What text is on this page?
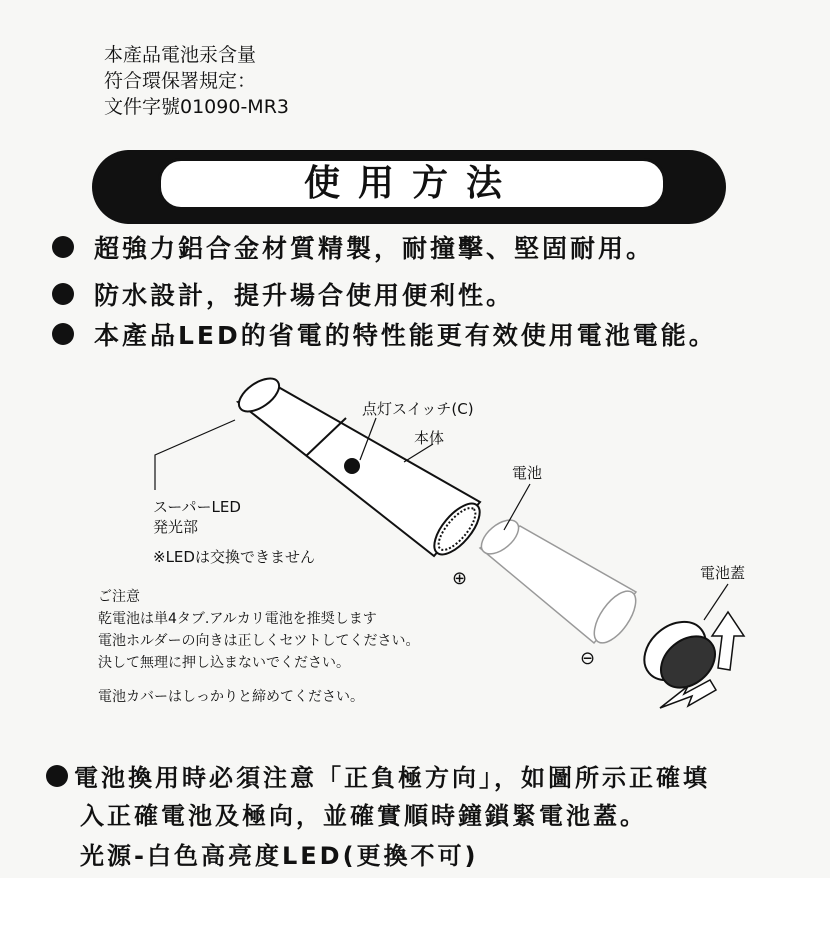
本產品電池汞含量
符合環保署規定：
文件字號01090-MR3
使用方法
超強力鋁合金材質精製，耐撞擊、堅固耐用。
防水設計，提升場合使用便利性。
本產品LED的省電的特性能更有效使用電池電能。
点灯スイッチ(C)
本体
電池
スーパーLED
発光部
※LEDは交換できません
電池蓋
⊕
⊖
ご注意
乾電池は単4タブ.アルカリ電池を推奨します
電池ホルダーの向きは正しくセツトしてください。
決して無理に押し込まないでください。
電池カバーはしっかりと締めてください。
電池換用時必須注意「正負極方向」，如圖所示正確填
入正確電池及極向，並確實順時鐘鎖緊電池蓋。
光源-白色高亮度LED(更換不可)
